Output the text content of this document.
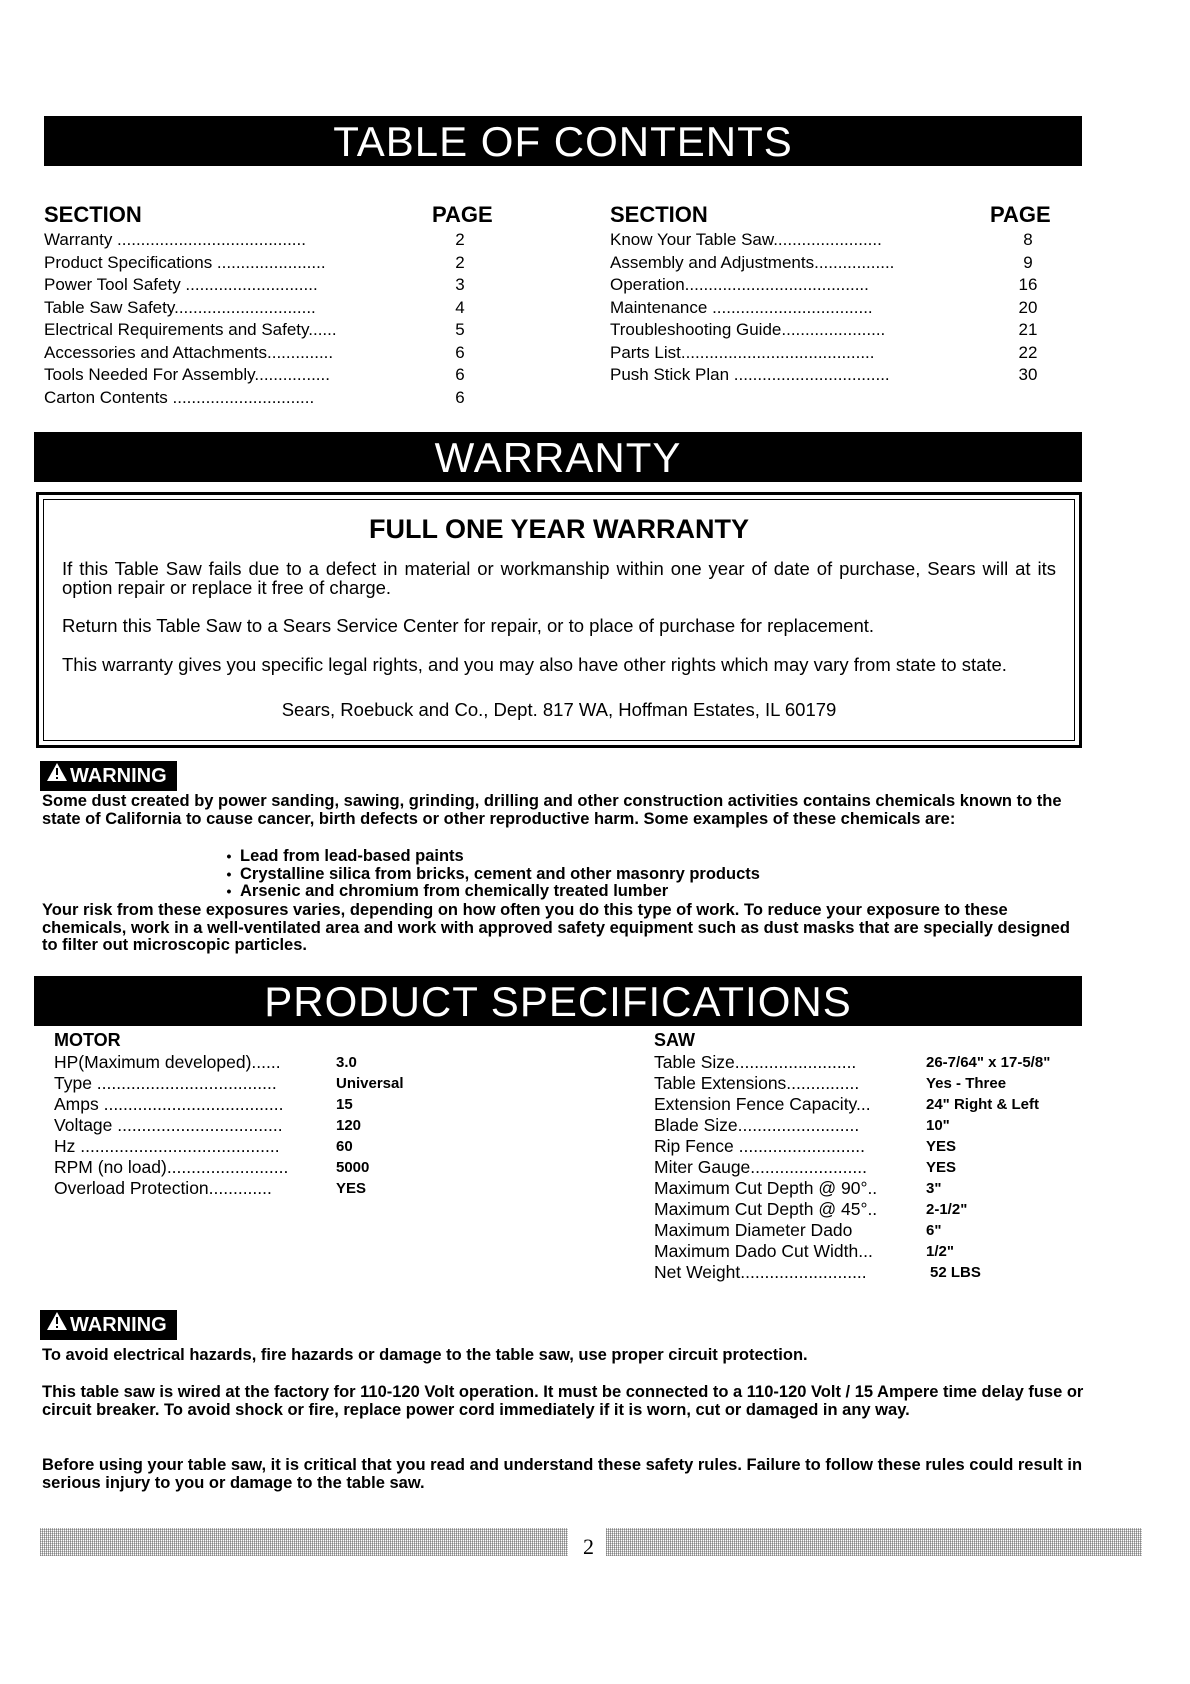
TABLE OF CONTENTS
SECTION	PAGE	SECTION	PAGE
Warranty ........................................	2
Product Specifications .......................	2
Power Tool Safety ............................	3
Table Saw Safety..............................	4
Electrical Requirements and Safety......	5
Accessories and Attachments..............	6
Tools Needed For Assembly................	6
Carton Contents ..............................	6
Know Your Table Saw.......................	8
Assembly and Adjustments.................	9
Operation.......................................	16
Maintenance ..................................	20
Troubleshooting Guide......................	21
Parts List.........................................	22
Push Stick Plan .................................	30
WARRANTY
FULL ONE YEAR WARRANTY
If this Table Saw fails due to a defect in material or workmanship within one year of date of purchase, Sears will at its option repair or replace it free of charge.
Return this Table Saw to a Sears Service Center for repair, or to place of purchase for replacement.
This warranty gives you specific legal rights, and you may also have other rights which may vary from state to state.
Sears, Roebuck and Co., Dept. 817 WA, Hoffman Estates, IL 60179
WARNING
Some dust created by power sanding, sawing, grinding, drilling and other construction activities contains chemicals known to the state of California to cause cancer, birth defects or other reproductive harm. Some examples of these chemicals are:
• Lead from lead-based paints
• Crystalline silica from bricks, cement and other masonry products
• Arsenic and chromium from chemically treated lumber
Your risk from these exposures varies, depending on how often you do this type of work. To reduce your exposure to these chemicals, work in a well-ventilated area and work with approved safety equipment such as dust masks that are specially designed to filter out microscopic particles.
PRODUCT SPECIFICATIONS
MOTOR	SAW
HP(Maximum developed)......	3.0
Type .....................................	Universal
Amps .....................................	15
Voltage ..................................	120
Hz .........................................	60
RPM (no load).........................	5000
Overload Protection.............	YES
Table Size.........................	26-7/64" x 17-5/8"
Table Extensions...............	Yes - Three
Extension Fence Capacity...	24" Right & Left
Blade Size.........................	10"
Rip Fence ..........................	YES
Miter Gauge........................	YES
Maximum Cut Depth @ 90°..	3"
Maximum Cut Depth @ 45°..	2-1/2"
Maximum Diameter Dado	6"
Maximum Dado Cut Width...	1/2"
Net Weight..........................	52 LBS
WARNING
To avoid electrical hazards, fire hazards or damage to the table saw, use proper circuit protection.
This table saw is wired at the factory for 110-120 Volt operation. It must be connected to a 110-120 Volt / 15 Ampere time delay fuse or circuit breaker. To avoid shock or fire, replace power cord immediately if it is worn, cut or damaged in any way.
Before using your table saw, it is critical that you read and understand these safety rules. Failure to follow these rules could result in serious injury to you or damage to the table saw.
2
